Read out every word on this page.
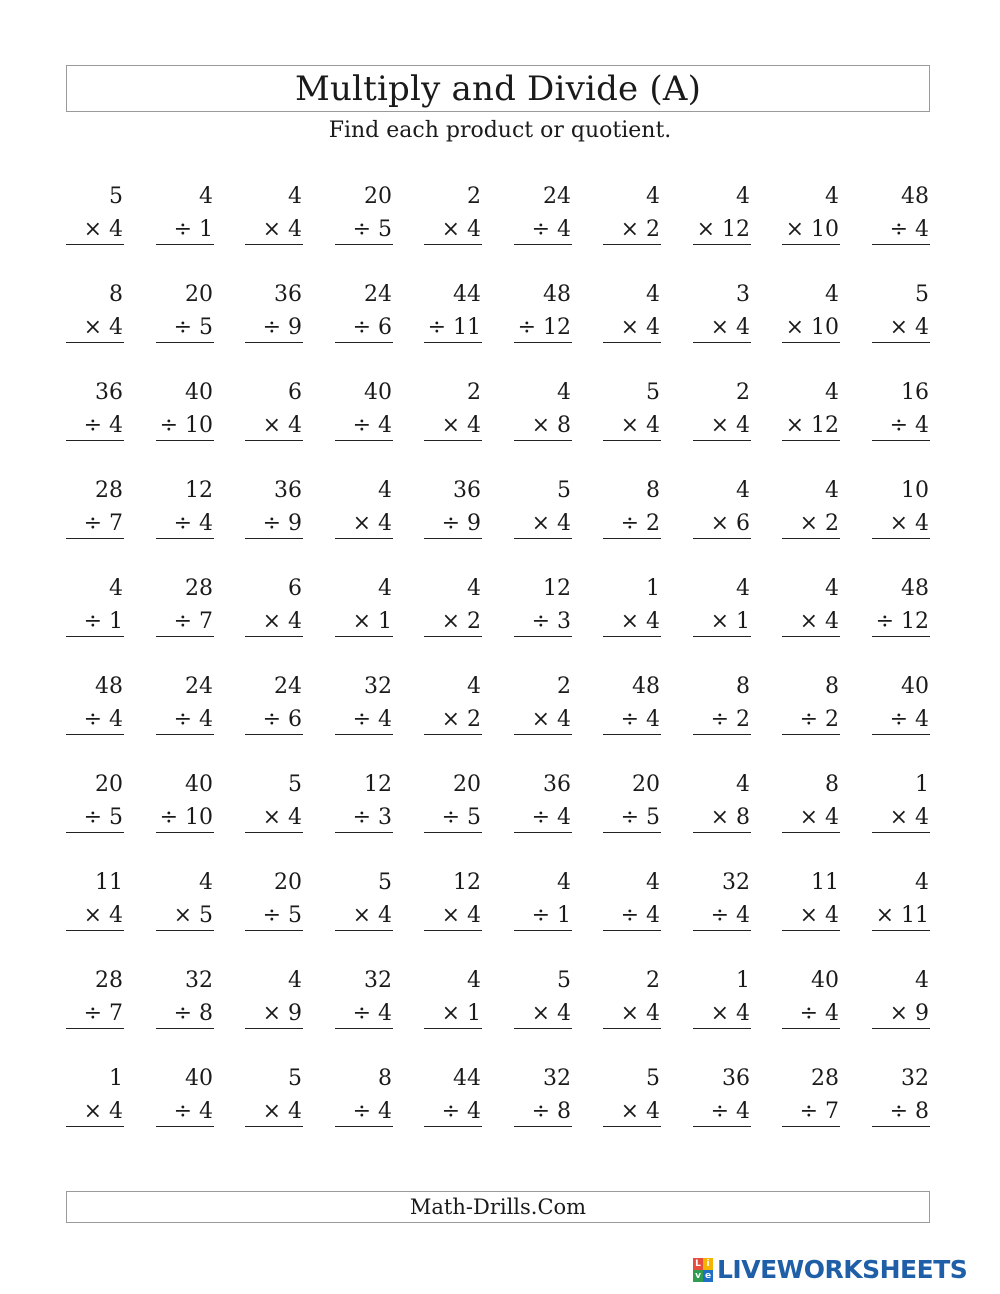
Multiply and Divide (A)
Find each product or quotient.
5
× 4
4
÷ 1
4
× 4
20
÷ 5
2
× 4
24
÷ 4
4
× 2
4
× 12
4
× 10
48
÷ 4
8
× 4
20
÷ 5
36
÷ 9
24
÷ 6
44
÷ 11
48
÷ 12
4
× 4
3
× 4
4
× 10
5
× 4
36
÷ 4
40
÷ 10
6
× 4
40
÷ 4
2
× 4
4
× 8
5
× 4
2
× 4
4
× 12
16
÷ 4
28
÷ 7
12
÷ 4
36
÷ 9
4
× 4
36
÷ 9
5
× 4
8
÷ 2
4
× 6
4
× 2
10
× 4
4
÷ 1
28
÷ 7
6
× 4
4
× 1
4
× 2
12
÷ 3
1
× 4
4
× 1
4
× 4
48
÷ 12
48
÷ 4
24
÷ 4
24
÷ 6
32
÷ 4
4
× 2
2
× 4
48
÷ 4
8
÷ 2
8
÷ 2
40
÷ 4
20
÷ 5
40
÷ 10
5
× 4
12
÷ 3
20
÷ 5
36
÷ 4
20
÷ 5
4
× 8
8
× 4
1
× 4
11
× 4
4
× 5
20
÷ 5
5
× 4
12
× 4
4
÷ 1
4
÷ 4
32
÷ 4
11
× 4
4
× 11
28
÷ 7
32
÷ 8
4
× 9
32
÷ 4
4
× 1
5
× 4
2
× 4
1
× 4
40
÷ 4
4
× 9
1
× 4
40
÷ 4
5
× 4
8
÷ 4
44
÷ 4
32
÷ 8
5
× 4
36
÷ 4
28
÷ 7
32
÷ 8
Math-Drills.Com
L i
v e LIVEWORKSHEETS
